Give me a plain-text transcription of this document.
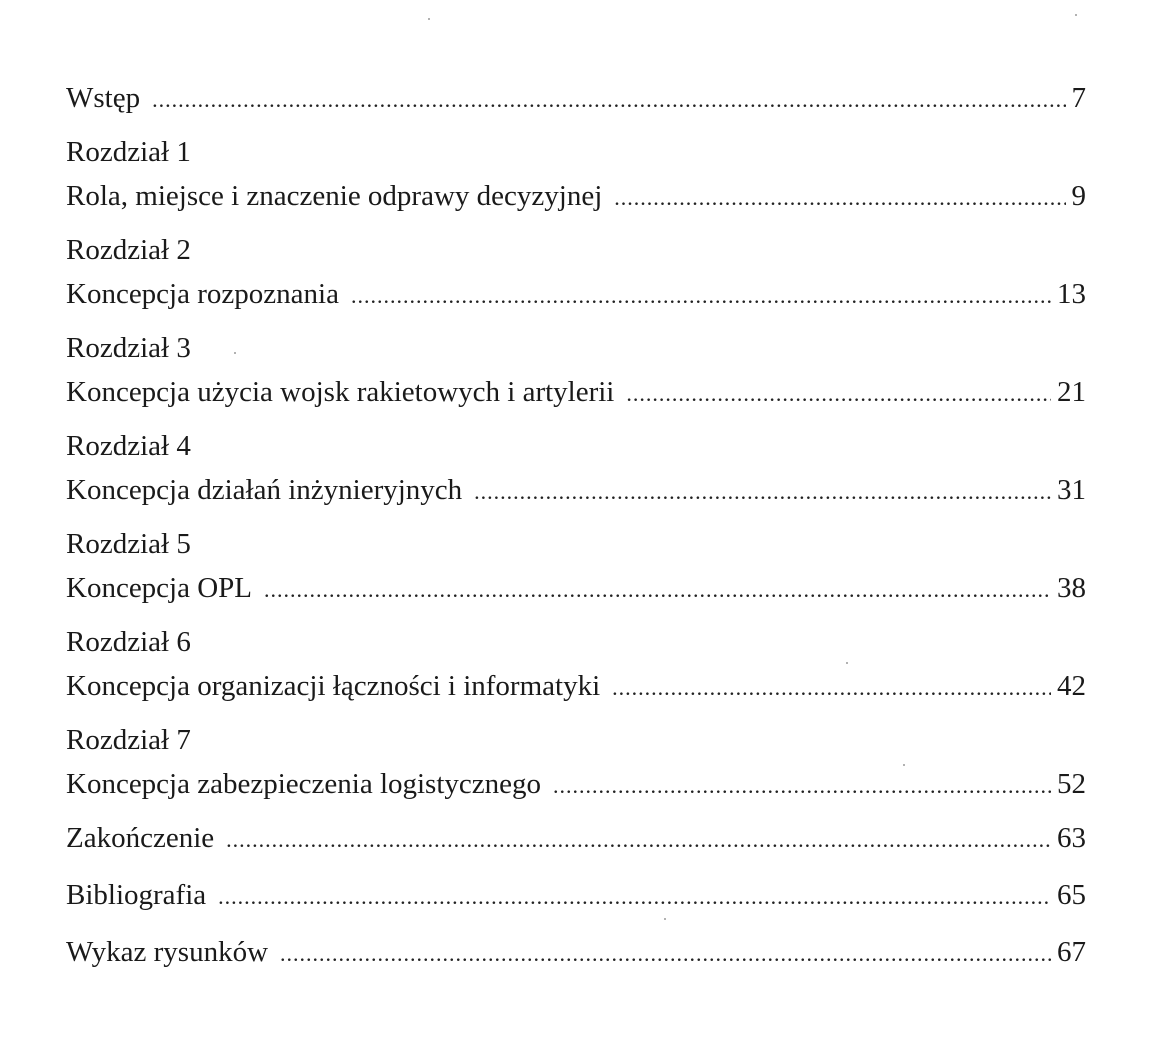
Wstęp .....	7
Rozdział 1
Rola, miejsce i znaczenie odprawy decyzyjnej .....	9
Rozdział 2
Koncepcja rozpoznania .....	13
Rozdział 3
Koncepcja użycia wojsk rakietowych i artylerii .....	21
Rozdział 4
Koncepcja działań inżynieryjnych .....	31
Rozdział 5
Koncepcja OPL .....	38
Rozdział 6
Koncepcja organizacji łączności i informatyki .....	42
Rozdział 7
Koncepcja zabezpieczenia logistycznego .....	52
Zakończenie .....	63
Bibliografia .....	65
Wykaz rysunków .....	67
